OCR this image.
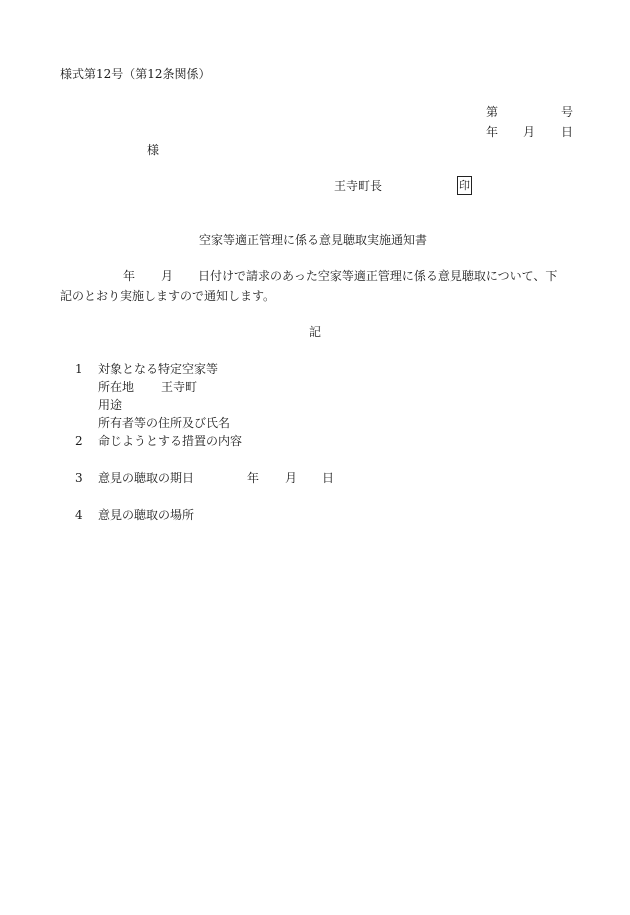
様式第12号（第12条関係）
第	号
年 月 日
様
王寺町長	印
空家等適正管理に係る意見聴取実施通知書
年 月 日付けで請求のあった空家等適正管理に係る意見聴取について、下
記のとおり実施しますので通知します。
記
1 対象となる特定空家等
所在地 王寺町
用途
所有者等の住所及び氏名
2 命じようとする措置の内容
3 意見の聴取の期日	年 月 日
4 意見の聴取の場所
